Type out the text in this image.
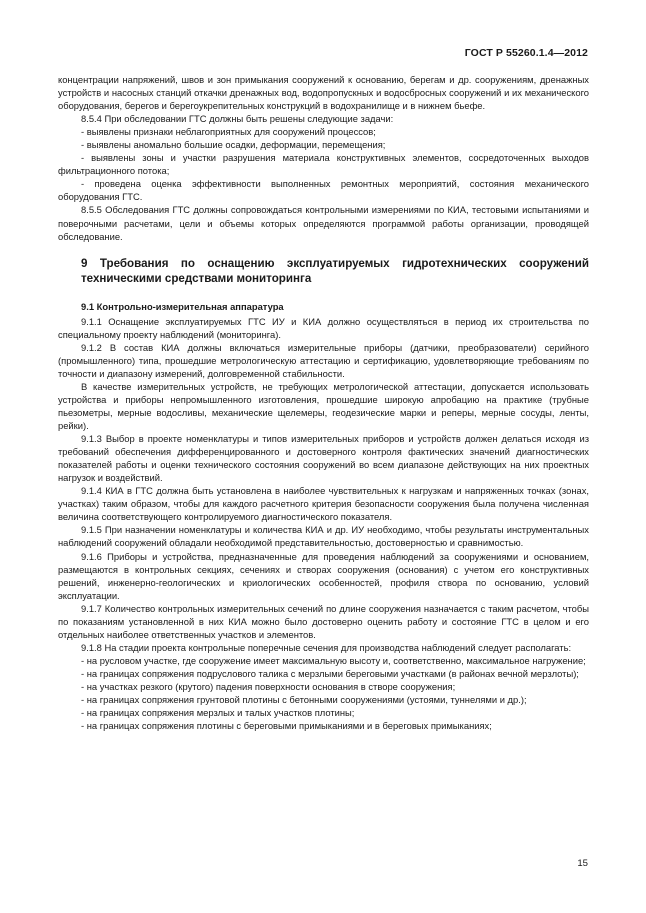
ГОСТ Р 55260.1.4—2012

концентрации напряжений, швов и зон примыкания сооружений к основанию, берегам и др. сооружениям, дренажных устройств и насосных станций откачки дренажных вод, водопропускных и водосбросных сооружений и их механического оборудования, берегов и берегоукрепительных конструкций в водохранилище и в нижнем бьефе.

8.5.4 При обследовании ГТС должны быть решены следующие задачи:

- выявлены признаки неблагоприятных для сооружений процессов;

- выявлены аномально большие осадки, деформации, перемещения;

- выявлены зоны и участки разрушения материала конструктивных элементов, сосредоточенных выходов фильтрационного потока;

- проведена оценка эффективности выполненных ремонтных мероприятий, состояния механического оборудования ГТС.

8.5.5 Обследования ГТС должны сопровождаться контрольными измерениями по КИА, тестовыми испытаниями и поверочными расчетами, цели и объемы которых определяются программой работы организации, проводящей обследование.

9 Требования по оснащению эксплуатируемых гидротехнических сооружений техническими средствами мониторинга

9.1 Контрольно-измерительная аппаратура

9.1.1 Оснащение эксплуатируемых ГТС ИУ и КИА должно осуществляться в период их строительства по специальному проекту наблюдений (мониторинга).

9.1.2 В состав КИА должны включаться измерительные приборы (датчики, преобразователи) серийного (промышленного) типа, прошедшие метрологическую аттестацию и сертификацию, удовлетворяющие требованиям по точности и диапазону измерений, долговременной стабильности.

В качестве измерительных устройств, не требующих метрологической аттестации, допускается использовать устройства и приборы непромышленного изготовления, прошедшие широкую апробацию на практике (трубные пьезометры, мерные водосливы, механические щелемеры, геодезические марки и реперы, мерные сосуды, ленты, рейки).

9.1.3 Выбор в проекте номенклатуры и типов измерительных приборов и устройств должен делаться исходя из требований обеспечения дифференцированного и достоверного контроля фактических значений диагностических показателей работы и оценки технического состояния сооружений во всем диапазоне действующих на них проектных нагрузок и воздействий.

9.1.4 КИА в ГТС должна быть установлена в наиболее чувствительных к нагрузкам и напряженных точках (зонах, участках) таким образом, чтобы для каждого расчетного критерия безопасности сооружения была получена численная величина соответствующего контролируемого диагностического показателя.

9.1.5 При назначении номенклатуры и количества КИА и др. ИУ необходимо, чтобы результаты инструментальных наблюдений сооружений обладали необходимой представительностью, достоверностью и сравнимостью.

9.1.6 Приборы и устройства, предназначенные для проведения наблюдений за сооружениями и основанием, размещаются в контрольных секциях, сечениях и створах сооружения (основания) с учетом его конструктивных решений, инженерно-геологических и криологических особенностей, профиля створа по основанию, условий эксплуатации.

9.1.7 Количество контрольных измерительных сечений по длине сооружения назначается с таким расчетом, чтобы по показаниям установленной в них КИА можно было достоверно оценить работу и состояние ГТС в целом и его отдельных наиболее ответственных участков и элементов.

9.1.8 На стадии проекта контрольные поперечные сечения для производства наблюдений следует располагать:

- на русловом участке, где сооружение имеет максимальную высоту и, соответственно, максимальное нагружение;

- на границах сопряжения подруслового талика с мерзлыми береговыми участками (в районах вечной мерзлоты);

- на участках резкого (крутого) падения поверхности основания в створе сооружения;

- на границах сопряжения грунтовой плотины с бетонными сооружениями (устоями, туннелями и др.);

- на границах сопряжения мерзлых и талых участков плотины;

- на границах сопряжения плотины с береговыми примыканиями и в береговых примыканиях;

15
